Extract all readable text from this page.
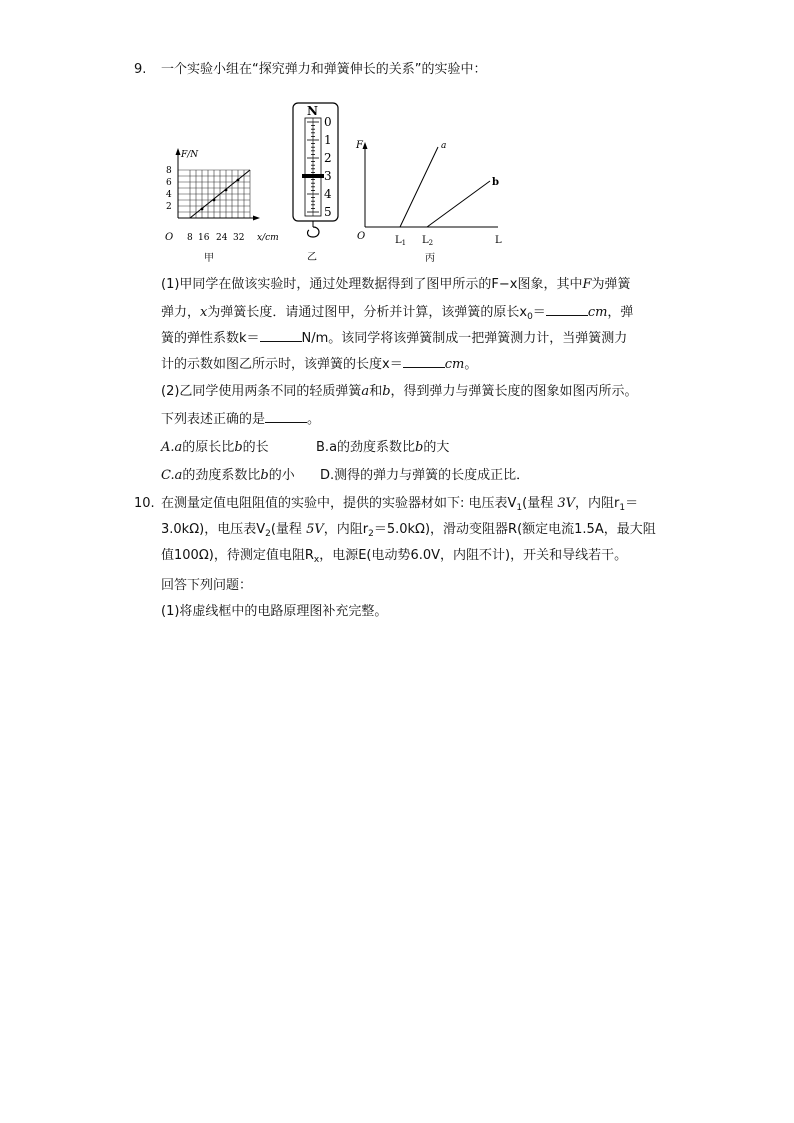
9. 一个实验小组在“探究弹力和弹簧伸长的关系”的实验中：
F/N
x/cm
O
8
6
4
2
8 16 24 32
甲
N
0
1
2
3
4
5
乙
F
L
O
a
b
$L_1$ $L_2$
丙
(1)甲同学在做该实验时，通过处理数据得到了图甲所示的F−x图象，其中F为弹簧
弹力，x为弹簧长度．请通过图甲，分析并计算，该弹簧的原长$x_0=$	cm，弹
簧的弹性系数k＝	N/m。该同学将该弹簧制成一把弹簧测力计，当弹簧测力
计的示数如图乙所示时，该弹簧的长度x＝	cm。
(2)乙同学使用两条不同的轻质弹簧a和b，得到弹力与弹簧长度的图象如图丙所示。
下列表述正确的是	。
A.a的原长比b的长	B.a的劲度系数比b的大
C.a的劲度系数比b的小 D.测得的弹力与弹簧的长度成正比．
10. 在测量定值电阻阻值的实验中，提供的实验器材如下: 电压表$V_1$(量程 3V，内阻$r_1=$
3.0kΩ)，电压表$V_2$(量程 5V，内阻$r_2=5.0k\Omega$)，滑动变阻器R(额定电流1.5A，最大阻
值100Ω)，待测定值电阻$R_x$，电源E(电动势6.0V，内阻不计)，开关和导线若干。
回答下列问题：
(1)将虚线框中的电路原理图补充完整。
